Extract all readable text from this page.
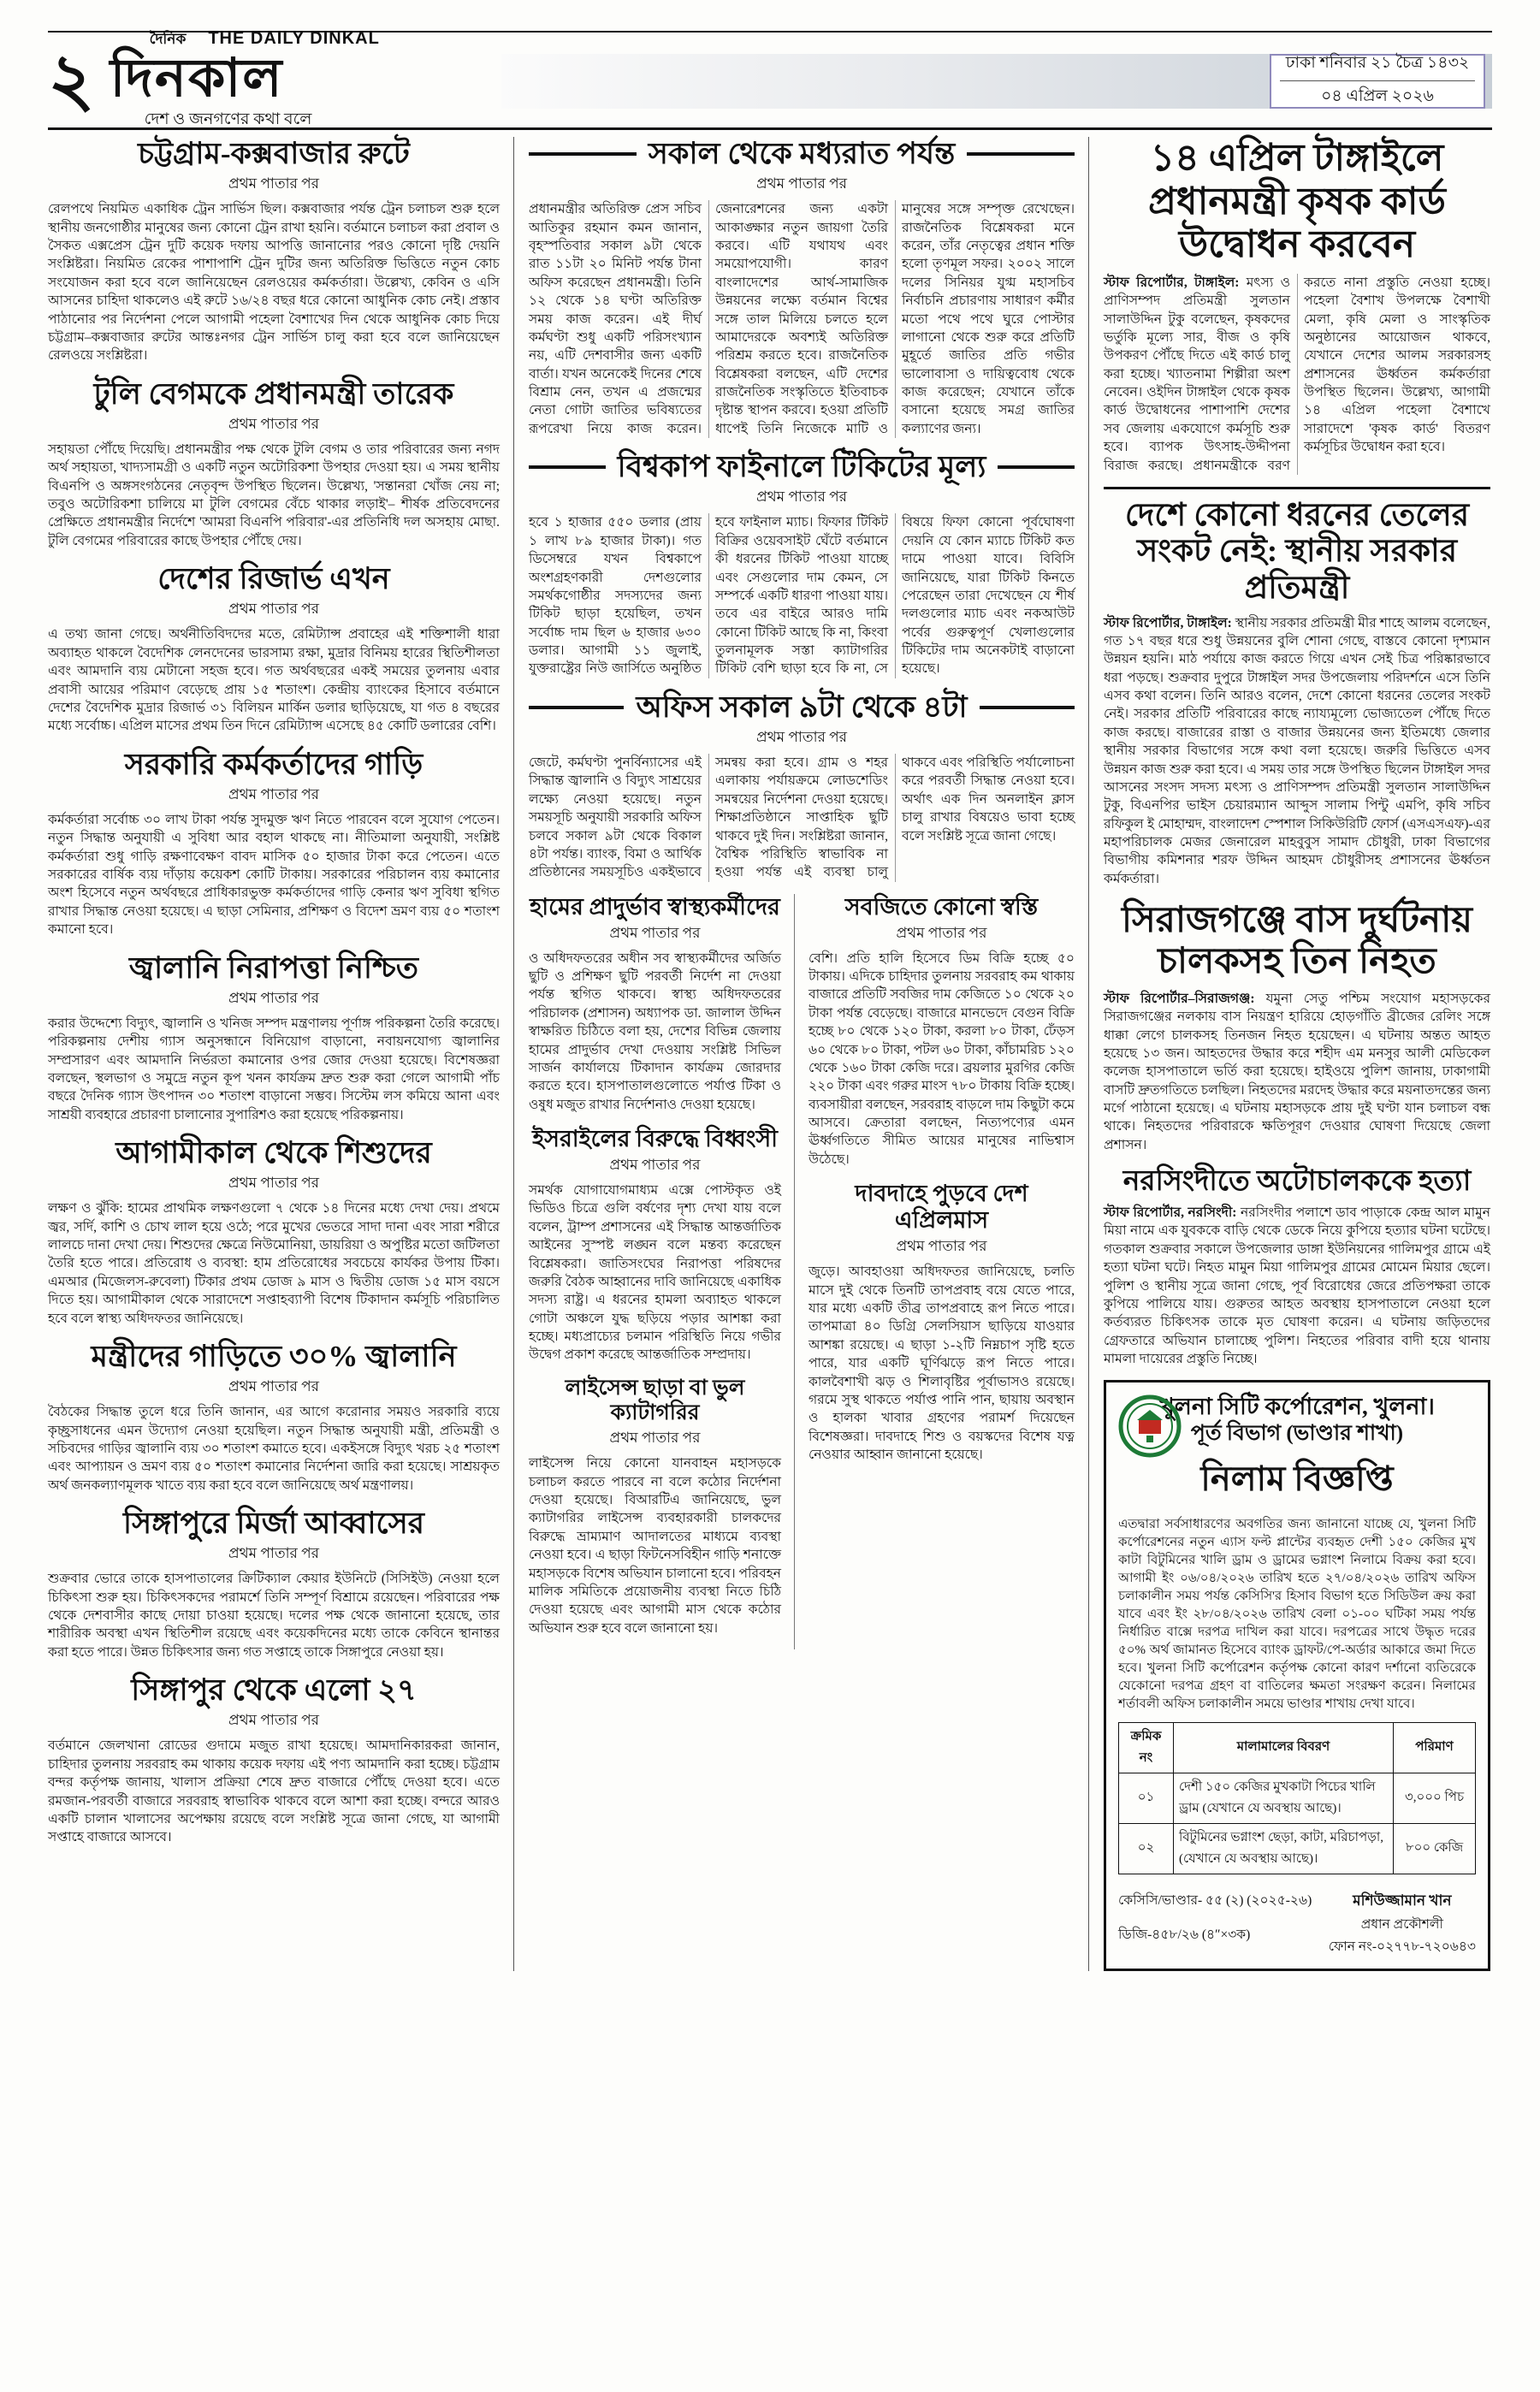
২
দৈনিক THE DAILY DINKAL
দিনকাল
দেশ ও জনগণের কথা বলে
ঢাকা শনিবার ২১ চৈত্র ১৪৩২
০৪ এপ্রিল ২০২৬
চট্টগ্রাম-কক্সবাজার রুটে
প্রথম পাতার পর

রেলপথে নিয়মিত একাধিক ট্রেন সার্ভিস ছিল। কক্সবাজার পর্যন্ত ট্রেন চলাচল শুরু হলে স্থানীয় জনগোষ্ঠীর মানুষের জন্য কোনো ট্রেন রাখা হয়নি। বর্তমানে চলাচল করা প্রবাল ও সৈকত এক্সপ্রেস ট্রেন দুটি কয়েক দফায় আপত্তি জানানোর পরও কোনো দৃষ্টি দেয়নি সংশ্লিষ্টরা। নিয়মিত রেকের পাশাপাশি ট্রেন দুটির জন্য অতিরিক্ত ভিত্তিতে নতুন কোচ সংযোজন করা হবে বলে জানিয়েছেন রেলওয়ের কর্মকর্তারা। উল্লেখ্য, কেবিন ও এসি আসনের চাহিদা থাকলেও এই রুটে ১৬/২৪ বছর ধরে কোনো আধুনিক কোচ নেই। প্রস্তাব পাঠানোর পর নির্দেশনা পেলে আগামী পহেলা বৈশাখের দিন থেকে আধুনিক কোচ দিয়ে চট্টগ্রাম–কক্সবাজার রুটের আন্তঃনগর ট্রেন সার্ভিস চালু করা হবে বলে জানিয়েছেন রেলওয়ে সংশ্লিষ্টরা।

টুলি বেগমকে প্রধানমন্ত্রী তারেক
প্রথম পাতার পর

সহায়তা পৌঁছে দিয়েছি। প্রধানমন্ত্রীর পক্ষ থেকে টুলি বেগম ও তার পরিবারের জন্য নগদ অর্থ সহায়তা, খাদ্যসামগ্রী ও একটি নতুন অটোরিকশা উপহার দেওয়া হয়। এ সময় স্থানীয় বিএনপি ও অঙ্গসংগঠনের নেতৃবৃন্দ উপস্থিত ছিলেন। উল্লেখ্য, 'সন্তানরা খোঁজ নেয় না; তবুও অটোরিকশা চালিয়ে মা টুলি বেগমের বেঁচে থাকার লড়াই'– শীর্ষক প্রতিবেদনের প্রেক্ষিতে প্রধানমন্ত্রীর নির্দেশে 'আমরা বিএনপি পরিবার'-এর প্রতিনিধি দল অসহায় মোছা. টুলি বেগমের পরিবারের কাছে উপহার পৌঁছে দেয়।

দেশের রিজার্ভ এখন
প্রথম পাতার পর

এ তথ্য জানা গেছে। অর্থনীতিবিদদের মতে, রেমিট্যান্স প্রবাহের এই শক্তিশালী ধারা অব্যাহত থাকলে বৈদেশিক লেনদেনের ভারসাম্য রক্ষা, মুদ্রার বিনিময় হারের স্থিতিশীলতা এবং আমদানি ব্যয় মেটানো সহজ হবে। গত অর্থবছরের একই সময়ের তুলনায় এবার প্রবাসী আয়ের পরিমাণ বেড়েছে প্রায় ১৫ শতাংশ। কেন্দ্রীয় ব্যাংকের হিসাবে বর্তমানে দেশের বৈদেশিক মুদ্রার রিজার্ভ ৩১ বিলিয়ন মার্কিন ডলার ছাড়িয়েছে, যা গত ৪ বছরের মধ্যে সর্বোচ্চ। এপ্রিল মাসের প্রথম তিন দিনে রেমিট্যান্স এসেছে ৪৫ কোটি ডলারের বেশি।

সরকারি কর্মকর্তাদের গাড়ি
প্রথম পাতার পর

কর্মকর্তারা সর্বোচ্চ ৩০ লাখ টাকা পর্যন্ত সুদমুক্ত ঋণ নিতে পারবেন বলে সুযোগ পেতেন। নতুন সিদ্ধান্ত অনুযায়ী এ সুবিধা আর বহাল থাকছে না। নীতিমালা অনুযায়ী, সংশ্লিষ্ট কর্মকর্তারা শুধু গাড়ি রক্ষণাবেক্ষণ বাবদ মাসিক ৫০ হাজার টাকা করে পেতেন। এতে সরকারের বার্ষিক ব্যয় দাঁড়ায় কয়েকশ কোটি টাকায়। সরকারের পরিচালন ব্যয় কমানোর অংশ হিসেবে নতুন অর্থবছরে প্রাধিকারভুক্ত কর্মকর্তাদের গাড়ি কেনার ঋণ সুবিধা স্থগিত রাখার সিদ্ধান্ত নেওয়া হয়েছে। এ ছাড়া সেমিনার, প্রশিক্ষণ ও বিদেশ ভ্রমণ ব্যয় ৫০ শতাংশ কমানো হবে।

জ্বালানি নিরাপত্তা নিশ্চিত
প্রথম পাতার পর

করার উদ্দেশ্যে বিদ্যুৎ, জ্বালানি ও খনিজ সম্পদ মন্ত্রণালয় পূর্ণাঙ্গ পরিকল্পনা তৈরি করেছে। পরিকল্পনায় দেশীয় গ্যাস অনুসন্ধানে বিনিয়োগ বাড়ানো, নবায়নযোগ্য জ্বালানির সম্প্রসারণ এবং আমদানি নির্ভরতা কমানোর ওপর জোর দেওয়া হয়েছে। বিশেষজ্ঞরা বলছেন, স্থলভাগ ও সমুদ্রে নতুন কূপ খনন কার্যক্রম দ্রুত শুরু করা গেলে আগামী পাঁচ বছরে দৈনিক গ্যাস উৎপাদন ৩০ শতাংশ বাড়ানো সম্ভব। সিস্টেম লস কমিয়ে আনা এবং সাশ্রয়ী ব্যবহারে প্রচারণা চালানোর সুপারিশও করা হয়েছে পরিকল্পনায়।

আগামীকাল থেকে শিশুদের
প্রথম পাতার পর

লক্ষণ ও ঝুঁকি: হামের প্রাথমিক লক্ষণগুলো ৭ থেকে ১৪ দিনের মধ্যে দেখা দেয়। প্রথমে জ্বর, সর্দি, কাশি ও চোখ লাল হয়ে ওঠে; পরে মুখের ভেতরে সাদা দানা এবং সারা শরীরে লালচে দানা দেখা দেয়। শিশুদের ক্ষেত্রে নিউমোনিয়া, ডায়রিয়া ও অপুষ্টির মতো জটিলতা তৈরি হতে পারে। প্রতিরোধ ও ব্যবস্থা: হাম প্রতিরোধের সবচেয়ে কার্যকর উপায় টিকা। এমআর (মিজেলস-রুবেলা) টিকার প্রথম ডোজ ৯ মাস ও দ্বিতীয় ডোজ ১৫ মাস বয়সে দিতে হয়। আগামীকাল থেকে সারাদেশে সপ্তাহব্যাপী বিশেষ টিকাদান কর্মসূচি পরিচালিত হবে বলে স্বাস্থ্য অধিদফতর জানিয়েছে।

মন্ত্রীদের গাড়িতে ৩০% জ্বালানি
প্রথম পাতার পর

বৈঠকের সিদ্ধান্ত তুলে ধরে তিনি জানান, এর আগে করোনার সময়ও সরকারি ব্যয়ে কৃচ্ছ্রসাধনের এমন উদ্যোগ নেওয়া হয়েছিল। নতুন সিদ্ধান্ত অনুযায়ী মন্ত্রী, প্রতিমন্ত্রী ও সচিবদের গাড়ির জ্বালানি ব্যয় ৩০ শতাংশ কমাতে হবে। একইসঙ্গে বিদ্যুৎ খরচ ২৫ শতাংশ এবং আপ্যায়ন ও ভ্রমণ ব্যয় ৫০ শতাংশ কমানোর নির্দেশনা জারি করা হয়েছে। সাশ্রয়কৃত অর্থ জনকল্যাণমূলক খাতে ব্যয় করা হবে বলে জানিয়েছে অর্থ মন্ত্রণালয়।

সিঙ্গাপুরে মির্জা আব্বাসের
প্রথম পাতার পর

শুক্রবার ভোরে তাকে হাসপাতালের ক্রিটিক্যাল কেয়ার ইউনিটে (সিসিইউ) নেওয়া হলে চিকিৎসা শুরু হয়। চিকিৎসকদের পরামর্শে তিনি সম্পূর্ণ বিশ্রামে রয়েছেন। পরিবারের পক্ষ থেকে দেশবাসীর কাছে দোয়া চাওয়া হয়েছে। দলের পক্ষ থেকে জানানো হয়েছে, তার শারীরিক অবস্থা এখন স্থিতিশীল রয়েছে এবং কয়েকদিনের মধ্যে তাকে কেবিনে স্থানান্তর করা হতে পারে। উন্নত চিকিৎসার জন্য গত সপ্তাহে তাকে সিঙ্গাপুরে নেওয়া হয়।

সিঙ্গাপুর থেকে এলো ২৭
প্রথম পাতার পর

বর্তমানে জেলখানা রোডের গুদামে মজুত রাখা হয়েছে। আমদানিকারকরা জানান, চাহিদার তুলনায় সরবরাহ কম থাকায় কয়েক দফায় এই পণ্য আমদানি করা হচ্ছে। চট্টগ্রাম বন্দর কর্তৃপক্ষ জানায়, খালাস প্রক্রিয়া শেষে দ্রুত বাজারে পৌঁছে দেওয়া হবে। এতে রমজান-পরবর্তী বাজারে সরবরাহ স্বাভাবিক থাকবে বলে আশা করা হচ্ছে। বন্দরে আরও একটি চালান খালাসের অপেক্ষায় রয়েছে বলে সংশ্লিষ্ট সূত্রে জানা গেছে, যা আগামী সপ্তাহে বাজারে আসবে।

সকাল থেকে মধ্যরাত পর্যন্ত
প্রথম পাতার পর

প্রধানমন্ত্রীর অতিরিক্ত প্রেস সচিব আতিকুর রহমান কমন জানান, বৃহস্পতিবার সকাল ৯টা থেকে রাত ১১টা ২০ মিনিট পর্যন্ত টানা অফিস করেছেন প্রধানমন্ত্রী। তিনি ১২ থেকে ১৪ ঘণ্টা অতিরিক্ত সময় কাজ করেন। এই দীর্ঘ কর্মঘণ্টা শুধু একটি পরিসংখ্যান নয়, এটি দেশবাসীর জন্য একটি বার্তা। যখন অনেকেই দিনের শেষে বিশ্রাম নেন, তখন এ প্রজন্মের নেতা গোটা জাতির ভবিষ্যতের রূপরেখা নিয়ে কাজ করেন। জেনারেশনের জন্য একটা আকাঙ্ক্ষার নতুন জায়গা তৈরি করবে। এটি যথাযথ এবং সময়োপযোগী। কারণ বাংলাদেশের আর্থ-সামাজিক উন্নয়নের লক্ষ্যে বর্তমান বিশ্বের সঙ্গে তাল মিলিয়ে চলতে হলে আমাদেরকে অবশ্যই অতিরিক্ত পরিশ্রম করতে হবে। রাজনৈতিক বিশ্লেষকরা বলছেন, এটি দেশের রাজনৈতিক সংস্কৃতিতে ইতিবাচক দৃষ্টান্ত স্থাপন করবে। হওয়া প্রতিটি ধাপেই তিনি নিজেকে মাটি ও মানুষের সঙ্গে সম্পৃক্ত রেখেছেন। রাজনৈতিক বিশ্লেষকরা মনে করেন, তাঁর নেতৃত্বের প্রধান শক্তি হলো তৃণমূল সফর। ২০০২ সালে দলের সিনিয়র যুগ্ম মহাসচিব নির্বাচনি প্রচারণায় সাধারণ কর্মীর মতো পথে পথে ঘুরে পোস্টার লাগানো থেকে শুরু করে প্রতিটি মুহূর্তে জাতির প্রতি গভীর ভালোবাসা ও দায়িত্ববোধ থেকে কাজ করেছেন; যেখানে তাঁকে বসানো হয়েছে সমগ্র জাতির কল্যাণের জন্য।

বিশ্বকাপ ফাইনালে টিকিটের মূল্য
প্রথম পাতার পর

হবে ১ হাজার ৫৫০ ডলার (প্রায় ১ লাখ ৮৯ হাজার টাকা)। গত ডিসেম্বরে যখন বিশ্বকাপে অংশগ্রহণকারী দেশগুলোর সমর্থকগোষ্ঠীর সদস্যদের জন্য টিকিট ছাড়া হয়েছিল, তখন সর্বোচ্চ দাম ছিল ৬ হাজার ৬৩০ ডলার। আগামী ১১ জুলাই, যুক্তরাষ্ট্রের নিউ জার্সিতে অনুষ্ঠিত হবে ফাইনাল ম্যাচ। ফিফার টিকিট বিক্রির ওয়েবসাইট ঘেঁটে বর্তমানে কী ধরনের টিকিট পাওয়া যাচ্ছে এবং সেগুলোর দাম কেমন, সে সম্পর্কে একটি ধারণা পাওয়া যায়। তবে এর বাইরে আরও দামি কোনো টিকিট আছে কি না, কিংবা তুলনামূলক সস্তা ক্যাটাগরির টিকিট বেশি ছাড়া হবে কি না, সে বিষয়ে ফিফা কোনো পূর্বঘোষণা দেয়নি যে কোন ম্যাচে টিকিট কত দামে পাওয়া যাবে। বিবিসি জানিয়েছে, যারা টিকিট কিনতে পেরেছেন তারা দেখেছেন যে শীর্ষ দলগুলোর ম্যাচ এবং নকআউট পর্বের গুরুত্বপূর্ণ খেলাগুলোর টিকিটের দাম অনেকটাই বাড়ানো হয়েছে।

অফিস সকাল ৯টা থেকে ৪টা
প্রথম পাতার পর

জেটে, কর্মঘণ্টা পুনর্বিন্যাসের এই সিদ্ধান্ত জ্বালানি ও বিদ্যুৎ সাশ্রয়ের লক্ষ্যে নেওয়া হয়েছে। নতুন সময়সূচি অনুযায়ী সরকারি অফিস চলবে সকাল ৯টা থেকে বিকাল ৪টা পর্যন্ত। ব্যাংক, বিমা ও আর্থিক প্রতিষ্ঠানের সময়সূচিও একইভাবে সমন্বয় করা হবে। গ্রাম ও শহর এলাকায় পর্যায়ক্রমে লোডশেডিং সমন্বয়ের নির্দেশনা দেওয়া হয়েছে। শিক্ষাপ্রতিষ্ঠানে সাপ্তাহিক ছুটি থাকবে দুই দিন। সংশ্লিষ্টরা জানান, বৈশ্বিক পরিস্থিতি স্বাভাবিক না হওয়া পর্যন্ত এই ব্যবস্থা চালু থাকবে এবং পরিস্থিতি পর্যালোচনা করে পরবর্তী সিদ্ধান্ত নেওয়া হবে। অর্থাৎ এক দিন অনলাইন ক্লাস চালু রাখার বিষয়েও ভাবা হচ্ছে বলে সংশ্লিষ্ট সূত্রে জানা গেছে।

হামের প্রাদুর্ভাব স্বাস্থ্যকর্মীদের
প্রথম পাতার পর

ও অধিদফতরের অধীন সব স্বাস্থ্যকর্মীদের অর্জিত ছুটি ও প্রশিক্ষণ ছুটি পরবর্তী নির্দেশ না দেওয়া পর্যন্ত স্থগিত থাকবে। স্বাস্থ্য অধিদফতরের পরিচালক (প্রশাসন) অধ্যাপক ডা. জালাল উদ্দিন স্বাক্ষরিত চিঠিতে বলা হয়, দেশের বিভিন্ন জেলায় হামের প্রাদুর্ভাব দেখা দেওয়ায় সংশ্লিষ্ট সিভিল সার্জন কার্যালয়ে টিকাদান কার্যক্রম জোরদার করতে হবে। হাসপাতালগুলোতে পর্যাপ্ত টিকা ও ওষুধ মজুত রাখার নির্দেশনাও দেওয়া হয়েছে।

ইসরাইলের বিরুদ্ধে বিধ্বংসী
প্রথম পাতার পর

সমর্থক যোগাযোগমাধ্যম এক্সে পোস্টকৃত ওই ভিডিও চিত্রে গুলি বর্ষণের দৃশ্য দেখা যায় বলে বলেন, ট্রাম্প প্রশাসনের এই সিদ্ধান্ত আন্তর্জাতিক আইনের সুস্পষ্ট লঙ্ঘন বলে মন্তব্য করেছেন বিশ্লেষকরা। জাতিসংঘের নিরাপত্তা পরিষদের জরুরি বৈঠক আহ্বানের দাবি জানিয়েছে একাধিক সদস্য রাষ্ট্র। এ ধরনের হামলা অব্যাহত থাকলে গোটা অঞ্চলে যুদ্ধ ছড়িয়ে পড়ার আশঙ্কা করা হচ্ছে। মধ্যপ্রাচ্যের চলমান পরিস্থিতি নিয়ে গভীর উদ্বেগ প্রকাশ করেছে আন্তর্জাতিক সম্প্রদায়।

লাইসেন্স ছাড়া বা ভুল ক্যাটাগরির
প্রথম পাতার পর

লাইসেন্স নিয়ে কোনো যানবাহন মহাসড়কে চলাচল করতে পারবে না বলে কঠোর নির্দেশনা দেওয়া হয়েছে। বিআরটিএ জানিয়েছে, ভুল ক্যাটাগরির লাইসেন্স ব্যবহারকারী চালকদের বিরুদ্ধে ভ্রাম্যমাণ আদালতের মাধ্যমে ব্যবস্থা নেওয়া হবে। এ ছাড়া ফিটনেসবিহীন গাড়ি শনাক্তে মহাসড়কে বিশেষ অভিযান চালানো হবে। পরিবহন মালিক সমিতিকে প্রয়োজনীয় ব্যবস্থা নিতে চিঠি দেওয়া হয়েছে এবং আগামী মাস থেকে কঠোর অভিযান শুরু হবে বলে জানানো হয়।

সবজিতে কোনো স্বস্তি
প্রথম পাতার পর

বেশি। প্রতি হালি হিসেবে ডিম বিক্রি হচ্ছে ৫০ টাকায়। এদিকে চাহিদার তুলনায় সরবরাহ কম থাকায় বাজারে প্রতিটি সবজির দাম কেজিতে ১০ থেকে ২০ টাকা পর্যন্ত বেড়েছে। বাজারে মানভেদে বেগুন বিক্রি হচ্ছে ৮০ থেকে ১২০ টাকা, করলা ৮০ টাকা, ঢেঁড়স ৬০ থেকে ৮০ টাকা, পটল ৬০ টাকা, কাঁচামরিচ ১২০ থেকে ১৬০ টাকা কেজি দরে। ব্রয়লার মুরগির কেজি ২২০ টাকা এবং গরুর মাংস ৭৮০ টাকায় বিক্রি হচ্ছে। ব্যবসায়ীরা বলছেন, সরবরাহ বাড়লে দাম কিছুটা কমে আসবে। ক্রেতারা বলছেন, নিত্যপণ্যের এমন ঊর্ধ্বগতিতে সীমিত আয়ের মানুষের নাভিশ্বাস উঠেছে।

দাবদাহে পুড়বে দেশ এপ্রিলমাস
প্রথম পাতার পর

জুড়ে। আবহাওয়া অধিদফতর জানিয়েছে, চলতি মাসে দুই থেকে তিনটি তাপপ্রবাহ বয়ে যেতে পারে, যার মধ্যে একটি তীব্র তাপপ্রবাহে রূপ নিতে পারে। তাপমাত্রা ৪০ ডিগ্রি সেলসিয়াস ছাড়িয়ে যাওয়ার আশঙ্কা রয়েছে। এ ছাড়া ১-২টি নিম্নচাপ সৃষ্টি হতে পারে, যার একটি ঘূর্ণিঝড়ে রূপ নিতে পারে। কালবৈশাখী ঝড় ও শিলাবৃষ্টির পূর্বাভাসও রয়েছে। গরমে সুস্থ থাকতে পর্যাপ্ত পানি পান, ছায়ায় অবস্থান ও হালকা খাবার গ্রহণের পরামর্শ দিয়েছেন বিশেষজ্ঞরা। দাবদাহে শিশু ও বয়স্কদের বিশেষ যত্ন নেওয়ার আহ্বান জানানো হয়েছে।

১৪ এপ্রিল টাঙ্গাইলে প্রধানমন্ত্রী কৃষক কার্ড উদ্বোধন করবেন

স্টাফ রিপোর্টার, টাঙ্গাইল: মৎস্য ও প্রাণিসম্পদ প্রতিমন্ত্রী সুলতান সালাউদ্দিন টুকু বলেছেন, কৃষকদের ভর্তুকি মূল্যে সার, বীজ ও কৃষি উপকরণ পৌঁছে দিতে এই কার্ড চালু করা হচ্ছে। খ্যাতনামা শিল্পীরা অংশ নেবেন। ওইদিন টাঙ্গাইল থেকে কৃষক কার্ড উদ্বোধনের পাশাপাশি দেশের সব জেলায় একযোগে কর্মসূচি শুরু হবে। ব্যাপক উৎসাহ-উদ্দীপনা বিরাজ করছে। প্রধানমন্ত্রীকে বরণ করতে নানা প্রস্তুতি নেওয়া হচ্ছে। পহেলা বৈশাখ উপলক্ষে বৈশাখী মেলা, কৃষি মেলা ও সাংস্কৃতিক অনুষ্ঠানের আয়োজন থাকবে, যেখানে দেশের আলম সরকারসহ প্রশাসনের ঊর্ধ্বতন কর্মকর্তারা উপস্থিত ছিলেন। উল্লেখ্য, আগামী ১৪ এপ্রিল পহেলা বৈশাখে সারাদেশে 'কৃষক কার্ড' বিতরণ কর্মসূচির উদ্বোধন করা হবে।

দেশে কোনো ধরনের তেলের সংকট নেই: স্থানীয় সরকার প্রতিমন্ত্রী

স্টাফ রিপোর্টার, টাঙ্গাইল: স্থানীয় সরকার প্রতিমন্ত্রী মীর শাহে আলম বলেছেন, গত ১৭ বছর ধরে শুধু উন্নয়নের বুলি শোনা গেছে, বাস্তবে কোনো দৃশ্যমান উন্নয়ন হয়নি। মাঠ পর্যায়ে কাজ করতে গিয়ে এখন সেই চিত্র পরিষ্কারভাবে ধরা পড়ছে। শুক্রবার দুপুরে টাঙ্গাইল সদর উপজেলায় পরিদর্শনে এসে তিনি এসব কথা বলেন। তিনি আরও বলেন, দেশে কোনো ধরনের তেলের সংকট নেই। সরকার প্রতিটি পরিবারের কাছে ন্যায্যমূল্যে ভোজ্যতেল পৌঁছে দিতে কাজ করছে। বাজারের রাস্তা ও বাজার উন্নয়নের জন্য ইতিমধ্যে জেলার স্থানীয় সরকার বিভাগের সঙ্গে কথা বলা হয়েছে। জরুরি ভিত্তিতে এসব উন্নয়ন কাজ শুরু করা হবে। এ সময় তার সঙ্গে উপস্থিত ছিলেন টাঙ্গাইল সদর আসনের সংসদ সদস্য মৎস্য ও প্রাণিসম্পদ প্রতিমন্ত্রী সুলতান সালাউদ্দিন টুকু, বিএনপির ভাইস চেয়ারম্যান আব্দুস সালাম পিন্টু এমপি, কৃষি সচিব রফিকুল ই মোহাম্মদ, বাংলাদেশ স্পেশাল সিকিউরিটি ফোর্স (এসএসএফ)-এর মহাপরিচালক মেজর জেনারেল মাহবুবুস সামাদ চৌধুরী, ঢাকা বিভাগের বিভাগীয় কমিশনার শরফ উদ্দিন আহমদ চৌধুরীসহ প্রশাসনের ঊর্ধ্বতন কর্মকর্তারা।

সিরাজগঞ্জে বাস দুর্ঘটনায় চালকসহ তিন নিহত

স্টাফ রিপোর্টার–সিরাজগঞ্জ: যমুনা সেতু পশ্চিম সংযোগ মহাসড়কের সিরাজগঞ্জের নলকায় বাস নিয়ন্ত্রণ হারিয়ে হোড়গাঁতি ব্রীজের রেলিং সঙ্গে ধাক্কা লেগে চালকসহ তিনজন নিহত হয়েছেন। এ ঘটনায় অন্তত আহত হয়েছে ১৩ জন। আহতদের উদ্ধার করে শহীদ এম মনসুর আলী মেডিকেল কলেজ হাসপাতালে ভর্তি করা হয়েছে। হাইওয়ে পুলিশ জানায়, ঢাকাগামী বাসটি দ্রুতগতিতে চলছিল। নিহতদের মরদেহ উদ্ধার করে ময়নাতদন্তের জন্য মর্গে পাঠানো হয়েছে। এ ঘটনায় মহাসড়কে প্রায় দুই ঘণ্টা যান চলাচল বন্ধ থাকে। নিহতদের পরিবারকে ক্ষতিপূরণ দেওয়ার ঘোষণা দিয়েছে জেলা প্রশাসন।

নরসিংদীতে অটোচালককে হত্যা

স্টাফ রিপোর্টার, নরসিংদী: নরসিংদীর পলাশে ডাব পাড়াকে কেন্দ্র আল মামুন মিয়া নামে এক যুবককে বাড়ি থেকে ডেকে নিয়ে কুপিয়ে হত্যার ঘটনা ঘটেছে। গতকাল শুক্রবার সকালে উপজেলার ডাঙ্গা ইউনিয়নের গালিমপুর গ্রামে এই হত্যা ঘটনা ঘটে। নিহত মামুন মিয়া গালিমপুর গ্রামের মোমেন মিয়ার ছেলে। পুলিশ ও স্থানীয় সূত্রে জানা গেছে, পূর্ব বিরোধের জেরে প্রতিপক্ষরা তাকে কুপিয়ে পালিয়ে যায়। গুরুতর আহত অবস্থায় হাসপাতালে নেওয়া হলে কর্তব্যরত চিকিৎসক তাকে মৃত ঘোষণা করেন। এ ঘটনায় জড়িতদের গ্রেফতারে অভিযান চালাচ্ছে পুলিশ। নিহতের পরিবার বাদী হয়ে থানায় মামলা দায়েরের প্রস্তুতি নিচ্ছে।

খুলনা সিটি কর্পোরেশন, খুলনা।
পূর্ত বিভাগ (ভাণ্ডার শাখা)
নিলাম বিজ্ঞপ্তি

এতদ্বারা সর্বসাধারণের অবগতির জন্য জানানো যাচ্ছে যে, খুলনা সিটি কর্পোরেশনের নতুন এ্যাস ফল্ট প্লান্টের ব্যবহৃত দেশী ১৫০ কেজির মুখ কাটা বিটুমিনের খালি ড্রাম ও ড্রামের ভগ্নাংশ নিলামে বিক্রয় করা হবে। আগামী ইং ০৬/০৪/২০২৬ তারিখ হতে ২৭/০৪/২০২৬ তারিখ অফিস চলাকালীন সময় পর্যন্ত কেসিসি'র হিসাব বিভাগ হতে সিডিউল ক্রয় করা যাবে এবং ইং ২৮/০৪/২০২৬ তারিখ বেলা ০১-০০ ঘটিকা সময় পর্যন্ত নির্ধারিত বাক্সে দরপত্র দাখিল করা যাবে। দরপত্রের সাথে উদ্ধৃত দরের ৫০% অর্থ জামানত হিসেবে ব্যাংক ড্রাফট/পে-অর্ডার আকারে জমা দিতে হবে। খুলনা সিটি কর্পোরেশন কর্তৃপক্ষ কোনো কারণ দর্শানো ব্যতিরেকে যেকোনো দরপত্র গ্রহণ বা বাতিলের ক্ষমতা সংরক্ষণ করেন। নিলামের শর্তাবলী অফিস চলাকালীন সময়ে ভাণ্ডার শাখায় দেখা যাবে।

ক্রমিক নং	মালামালের বিবরণ	পরিমাণ
০১	দেশী ১৫০ কেজির মুখকাটা পিচের খালি ড্রাম (যেখানে যে অবস্থায় আছে)।	৩,০০০ পিচ
০২	বিটুমিনের ভগ্নাংশ ছেড়া, কাটা, মরিচাপড়া, (যেখানে যে অবস্থায় আছে)।	৮০০ কেজি
কেসিসি/ভাণ্ডার- ৫৫ (২) (২০২৫-২৬)
ডিজি-৪৫৮/২৬ (৪″×৩ক)
মশিউজ্জামান খান
প্রধান প্রকৌশলী
ফোন নং-০২৭৭৮-৭২০৬৪৩
